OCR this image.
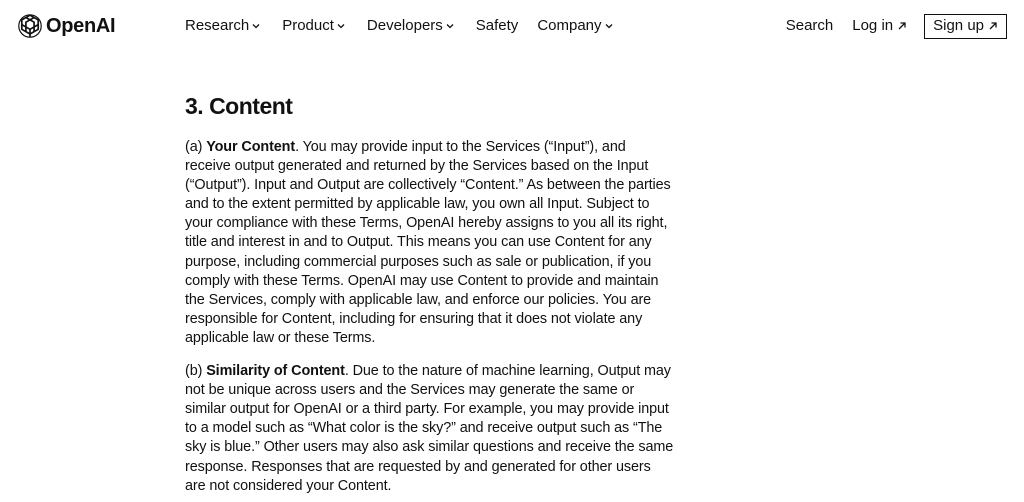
OpenAI	Research Product Developers Safety Company	Search Log in	Sign up
3. Content

(a) Your Content. You may provide input to the Services (“Input”), and receive output generated and returned by the Services based on the Input (“Output”). Input and Output are collectively “Content.” As between the parties and to the extent permitted by applicable law, you own all Input. Subject to your compliance with these Terms, OpenAI hereby assigns to you all its right, title and interest in and to Output. This means you can use Content for any purpose, including commercial purposes such as sale or publication, if you comply with these Terms. OpenAI may use Content to provide and maintain the Services, comply with applicable law, and enforce our policies. You are responsible for Content, including for ensuring that it does not violate any applicable law or these Terms.

(b) Similarity of Content. Due to the nature of machine learning, Output may not be unique across users and the Services may generate the same or similar output for OpenAI or a third party. For example, you may provide input to a model such as “What color is the sky?” and receive output such as “The sky is blue.” Other users may also ask similar questions and receive the same response. Responses that are requested by and generated for other users are not considered your Content.
